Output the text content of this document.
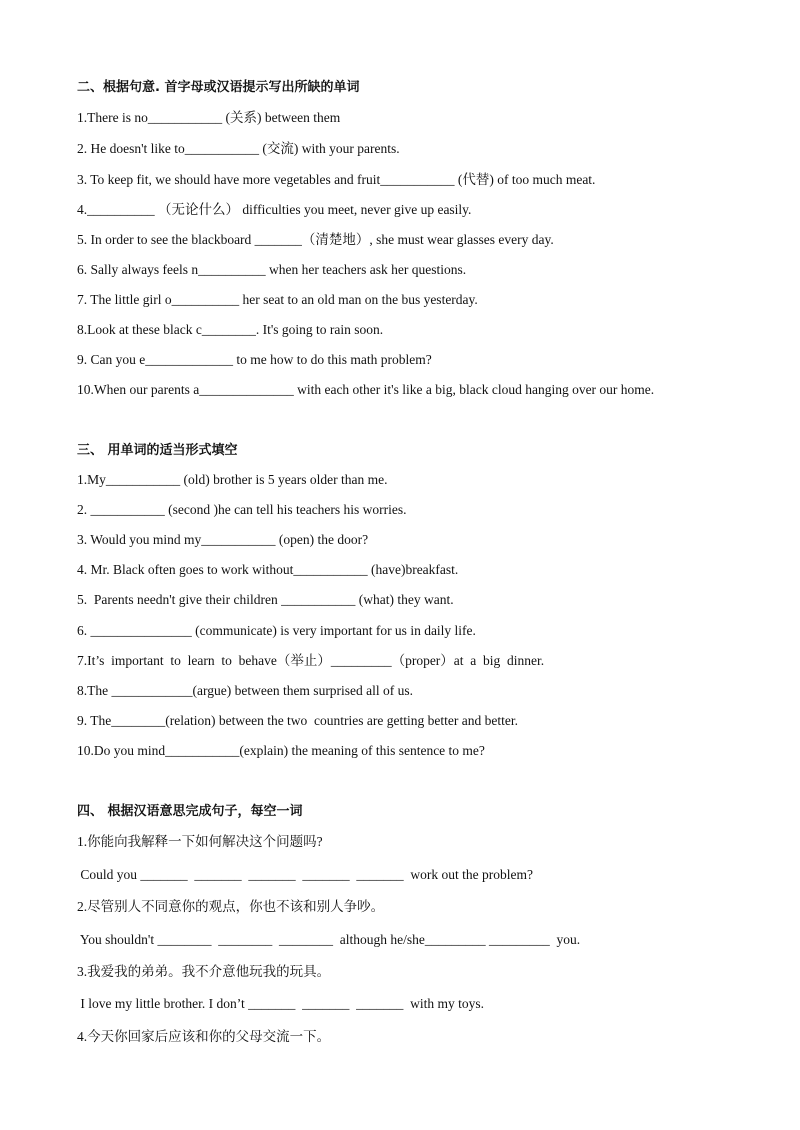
二、根据句意. 首字母或汉语提示写出所缺的单词
1.There is no___________ (关系) between them
2. He doesn't like to___________ (交流) with your parents.
3. To keep fit, we should have more vegetables and fruit___________ (代替) of too much meat.
4.__________ （无论什么） difficulties you meet, never give up easily.
5. In order to see the blackboard _______（清楚地）, she must wear glasses every day.
6. Sally always feels n__________ when her teachers ask her questions.
7. The little girl o__________ her seat to an old man on the bus yesterday.
8.Look at these black c________. It's going to rain soon.
9. Can you e_____________ to me how to do this math problem?
10.When our parents a______________ with each other it's like a big, black cloud hanging over our home.
三、 用单词的适当形式填空
1.My___________ (old) brother is 5 years older than me.
2. ___________ (second )he can tell his teachers his worries.
3. Would you mind my___________ (open) the door?
4. Mr. Black often goes to work without___________ (have)breakfast.
5.  Parents needn't give their children ___________ (what) they want.
6. _______________ (communicate) is very important for us in daily life.
7.It’s  important  to  learn  to  behave（举止）_________（proper）at  a  big  dinner.
8.The ____________(argue) between them surprised all of us.
9. The________(relation) between the two  countries are getting better and better.
10.Do you mind___________(explain) the meaning of this sentence to me?
四、 根据汉语意思完成句子，每空一词
1.你能向我解释一下如何解决这个问题吗?
Could you _______  _______  _______  _______  _______  work out the problem?
2.尽管别人不同意你的观点，你也不该和别人争吵。
You shouldn't ________  ________  ________  although he/she_________ _________  you.
3.我爱我的弟弟。我不介意他玩我的玩具。
I love my little brother. I don’t _______  _______  _______  with my toys.
4.今天你回家后应该和你的父母交流一下。
